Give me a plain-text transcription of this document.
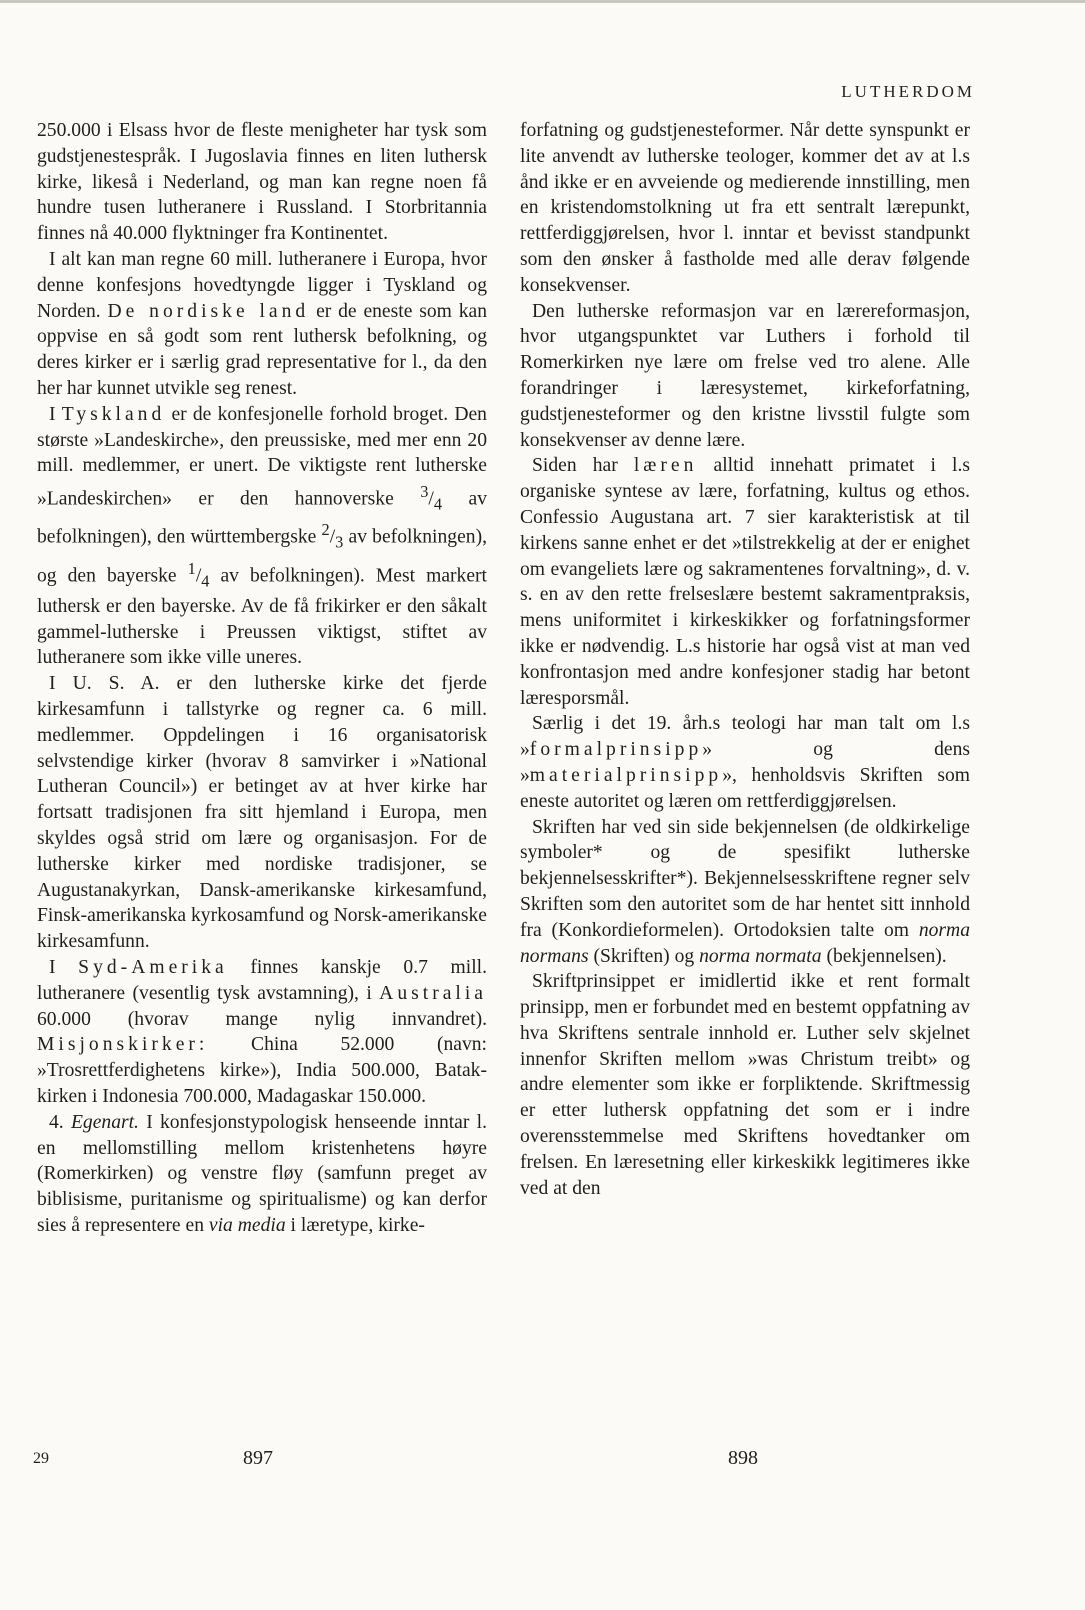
LUTHERDOM

250.000 i Elsass hvor de fleste menigheter har tysk som gudstjenestespråk. I Jugoslavia finnes en liten luthersk kirke, likeså i Nederland, og man kan regne noen få hundre tusen lutheranere i Russland. I Storbritannia finnes nå 40.000 flyktninger fra Kontinentet.

I alt kan man regne 60 mill. lutheranere i Europa, hvor denne konfesjons hovedtyngde ligger i Tyskland og Norden. De nordiske land er de eneste som kan oppvise en så godt som rent luthersk befolkning, og deres kirker er i særlig grad representative for l., da den her har kunnet utvikle seg renest.

I Tyskland er de konfesjonelle forhold broget. Den største »Landeskirche», den preussiske, med mer enn 20 mill. medlemmer, er unert. De viktigste rent lutherske »Landeskirchen» er den hannoverske $^3/_4$ av befolkningen), den württembergske $^2/_3$ av befolkningen), og den bayerske $^1/_4$ av befolkningen). Mest markert luthersk er den bayerske. Av de få frikirker er den såkalt gammel-lutherske i Preussen viktigst, stiftet av lutheranere som ikke ville uneres.

I U. S. A. er den lutherske kirke det fjerde kirkesamfunn i tallstyrke og regner ca. 6 mill. medlemmer. Oppdelingen i 16 organisatorisk selvstendige kirker (hvorav 8 samvirker i »National Lutheran Council») er betinget av at hver kirke har fortsatt tradisjonen fra sitt hjemland i Europa, men skyldes også strid om lære og organisasjon. For de lutherske kirker med nordiske tradisjoner, se Augustanakyrkan, Dansk-amerikanske kirkesamfund, Finsk-amerikanska kyrkosamfund og Norsk-amerikanske kirkesamfunn.

I Syd-Amerika finnes kanskje 0.7 mill. lutheranere (vesentlig tysk avstamning), i Australia 60.000 (hvorav mange nylig innvandret). Misjonskirker: China 52.000 (navn: »Trosrettferdighetens kirke»), India 500.000, Batak-kirken i Indonesia 700.000, Madagaskar 150.000.

4. Egenart. I konfesjonstypologisk henseende inntar l. en mellomstilling mellom kristenhetens høyre (Romerkirken) og venstre fløy (samfunn preget av biblisisme, puritanisme og spiritualisme) og kan derfor sies å representere en via media i læretype, kirke-

forfatning og gudstjenesteformer. Når dette synspunkt er lite anvendt av lutherske teologer, kommer det av at l.s ånd ikke er en avveiende og medierende innstilling, men en kristendomstolkning ut fra ett sentralt lærepunkt, rettferdiggjørelsen, hvor l. inntar et bevisst standpunkt som den ønsker å fastholde med alle derav følgende konsekvenser.

Den lutherske reformasjon var en lærereformasjon, hvor utgangspunktet var Luthers i forhold til Romerkirken nye lære om frelse ved tro alene. Alle forandringer i læresystemet, kirkeforfatning, gudstjenesteformer og den kristne livsstil fulgte som konsekvenser av denne lære.

Siden har læren alltid innehatt primatet i l.s organiske syntese av lære, forfatning, kultus og ethos. Confessio Augustana art. 7 sier karakteristisk at til kirkens sanne enhet er det »tilstrekkelig at der er enighet om evangeliets lære og sakramentenes forvaltning», d. v. s. en av den rette frelseslære bestemt sakramentpraksis, mens uniformitet i kirkeskikker og forfatningsformer ikke er nødvendig. L.s historie har også vist at man ved konfrontasjon med andre konfesjoner stadig har betont læresporsmål.

Særlig i det 19. årh.s teologi har man talt om l.s »formalprinsipp» og dens »materialprinsipp», henholdsvis Skriften som eneste autoritet og læren om rettferdiggjørelsen.

Skriften har ved sin side bekjennelsen (de oldkirkelige symboler* og de spesifikt lutherske bekjennelsesskrifter*). Bekjennelsesskriftene regner selv Skriften som den autoritet som de har hentet sitt innhold fra (Konkordieformelen). Ortodoksien talte om norma normans (Skriften) og norma normata (bekjennelsen).

Skriftprinsippet er imidlertid ikke et rent formalt prinsipp, men er forbundet med en bestemt oppfatning av hva Skriftens sentrale innhold er. Luther selv skjelnet innenfor Skriften mellom »was Christum treibt» og andre elementer som ikke er forpliktende. Skriftmessig er etter luthersk oppfatning det som er i indre overensstemmelse med Skriftens hovedtanker om frelsen. En læresetning eller kirkeskikk legitimeres ikke ved at den

29	897	898
